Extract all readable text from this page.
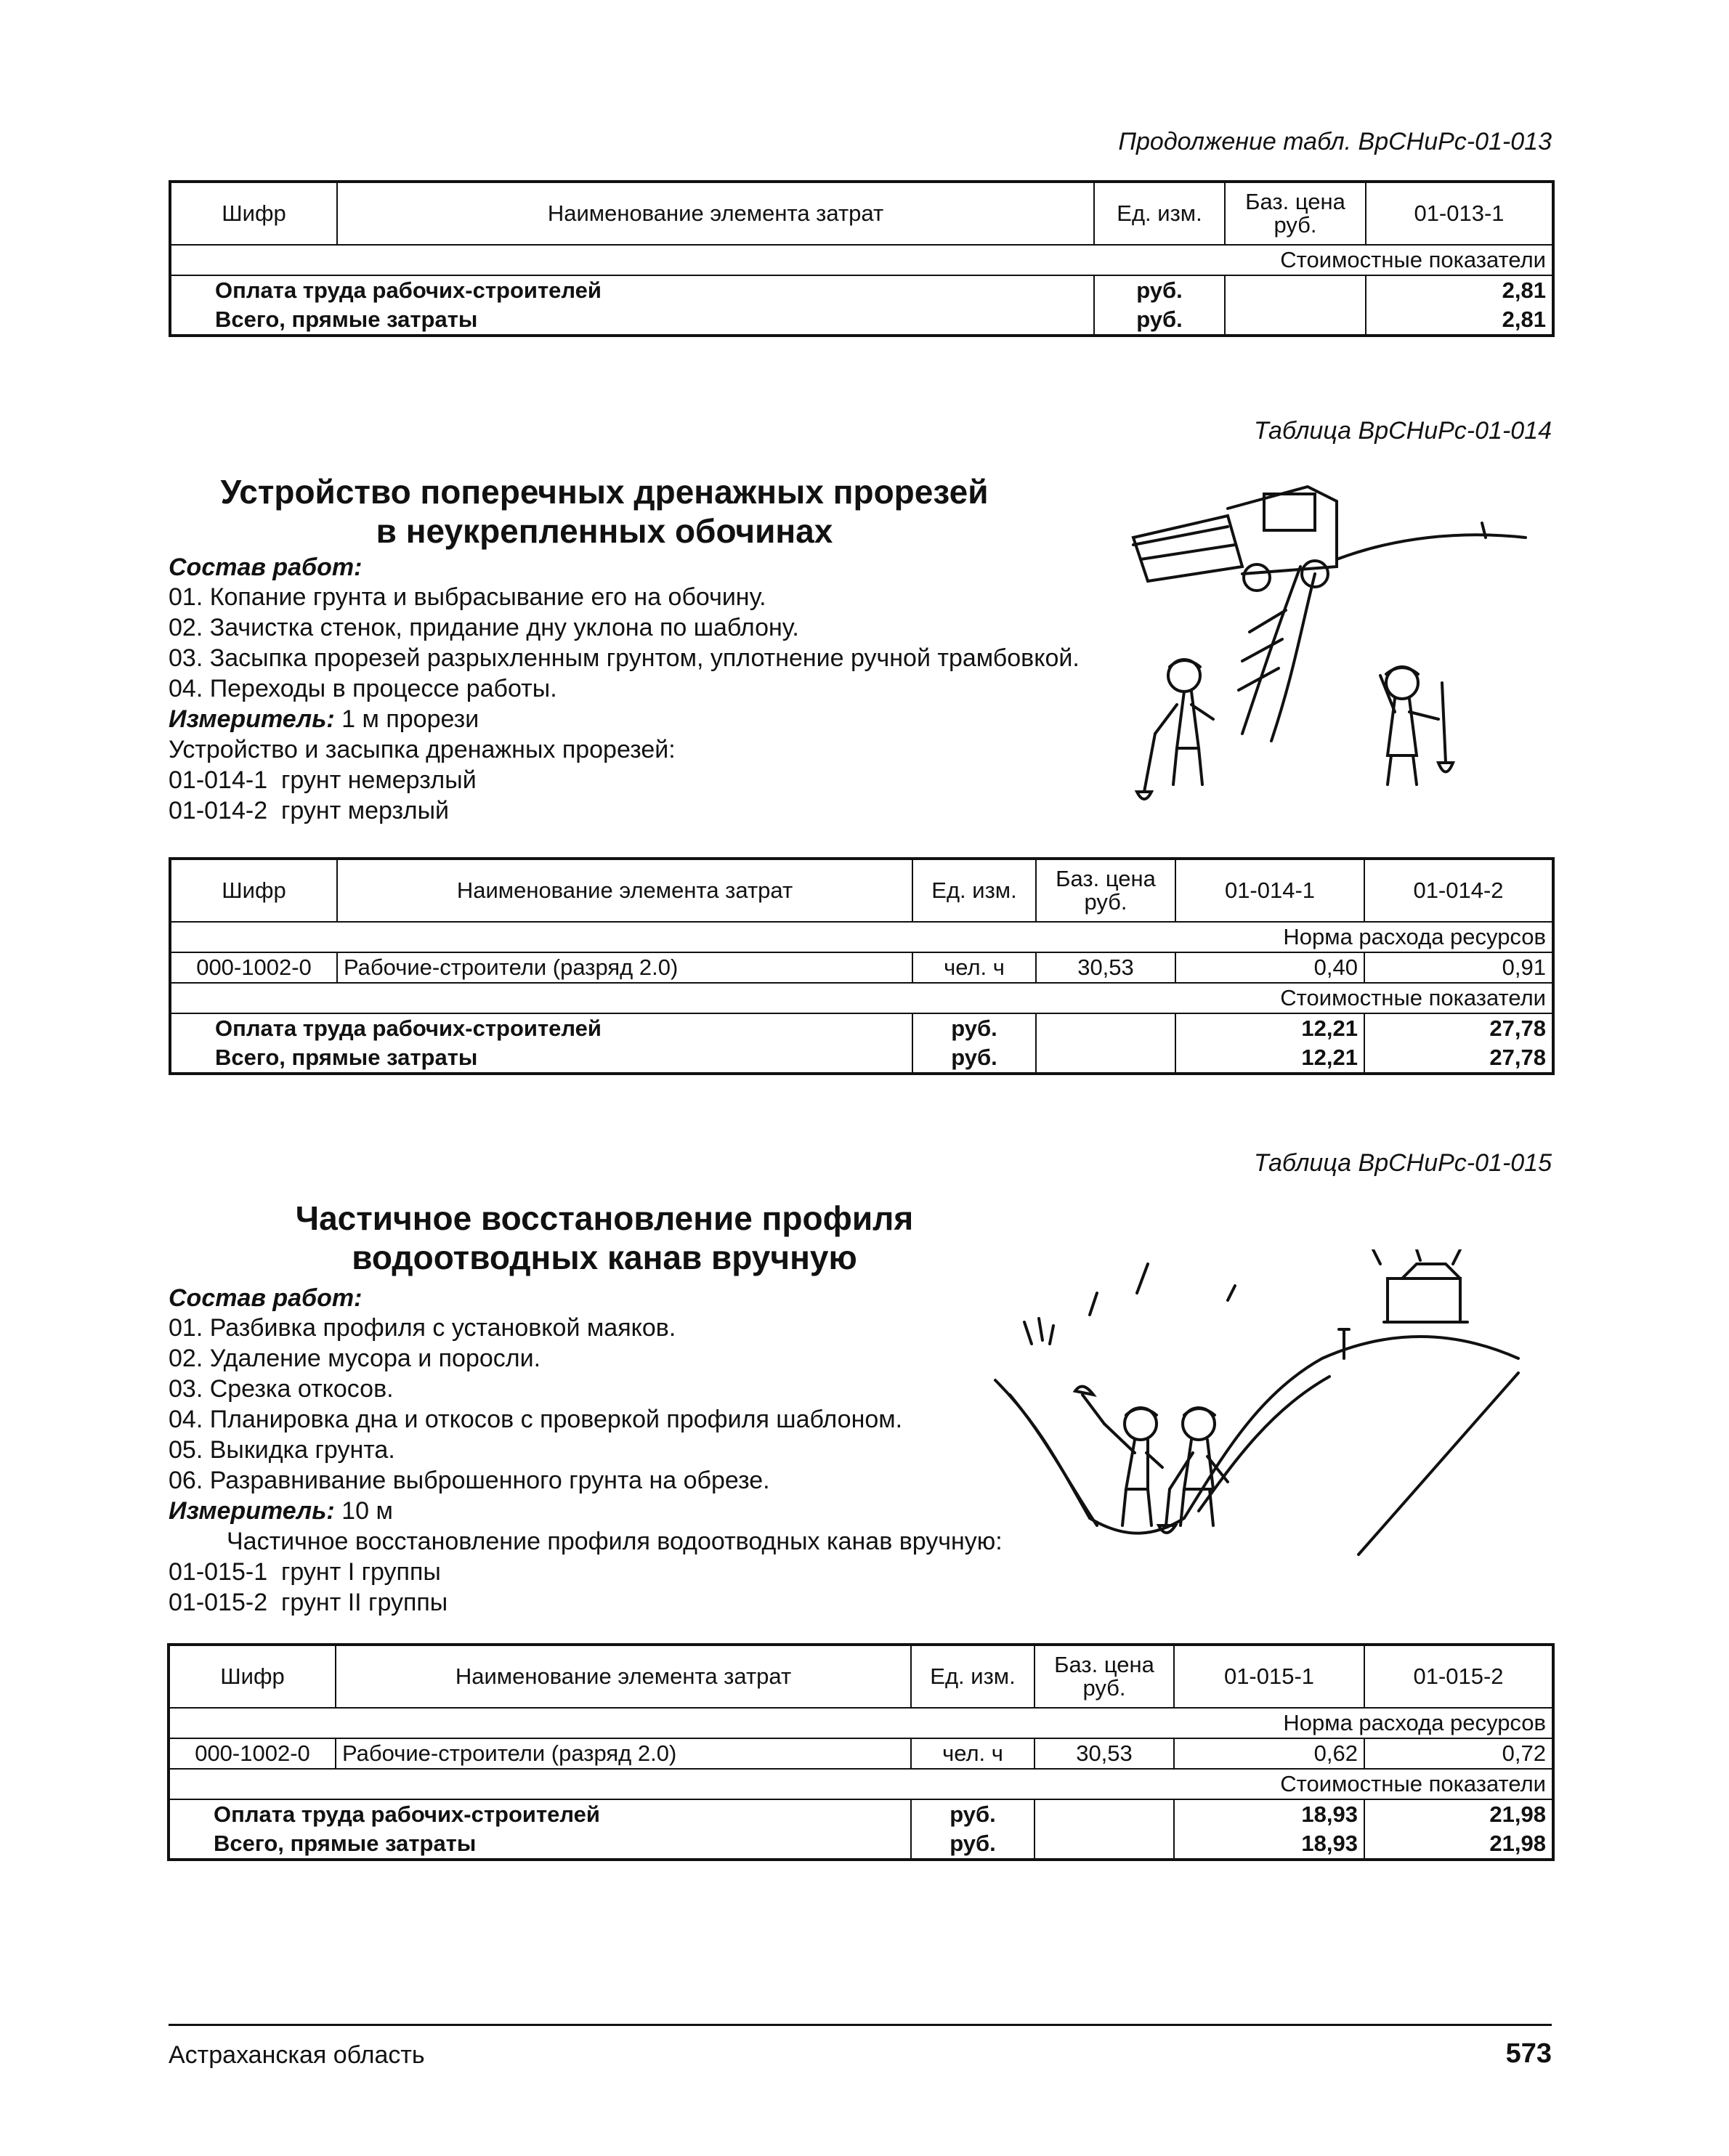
Продолжение табл. ВрСНиРс-01-013
Шифр	Наименование элемента затрат	Ед. изм.	Баз. цена руб.	01-013-1
			Стоимостные показатели	
Оплата труда рабочих-строителей		руб.		2,81
Всего, прямые затраты		руб.		2,81
Таблица ВрСНиРс-01-014
Устройство поперечных дренажных прорезей
в неукрепленных обочинах
Состав работ:
01. Копание грунта и выбрасывание его на обочину.
02. Зачистка стенок, придание дну уклона по шаблону.
03. Засыпка прорезей разрыхленным грунтом, уплотнение ручной трамбовкой.
04. Переходы в процессе работы.
Измеритель: 1 м прорези
Устройство и засыпка дренажных прорезей:
01-014-1  грунт немерзлый
01-014-2  грунт мерзлый
Шифр	Наименование элемента затрат	Ед. изм.	Баз. цена руб.	01-014-1	01-014-2
				Норма расхода ресурсов	
000-1002-0	Рабочие-строители (разряд 2.0)	чел. ч	30,53	0,40	0,91
				Стоимостные показатели	
Оплата труда рабочих-строителей		руб.		12,21	27,78
Всего, прямые затраты		руб.		12,21	27,78
Таблица ВрСНиРс-01-015
Частичное восстановление профиля
водоотводных канав вручную
Состав работ:
01. Разбивка профиля с установкой маяков.
02. Удаление мусора и поросли.
03. Срезка откосов.
04. Планировка дна и откосов с проверкой профиля шаблоном.
05. Выкидка грунта.
06. Разравнивание выброшенного грунта на обрезе.
Измеритель: 10 м
Частичное восстановление профиля водоотводных канав вручную:
01-015-1  грунт I группы
01-015-2  грунт II группы
Шифр	Наименование элемента затрат	Ед. изм.	Баз. цена руб.	01-015-1	01-015-2
				Норма расхода ресурсов	
000-1002-0	Рабочие-строители (разряд 2.0)	чел. ч	30,53	0,62	0,72
				Стоимостные показатели	
Оплата труда рабочих-строителей		руб.		18,93	21,98
Всего, прямые затраты		руб.		18,93	21,98
Астраханская область	573
